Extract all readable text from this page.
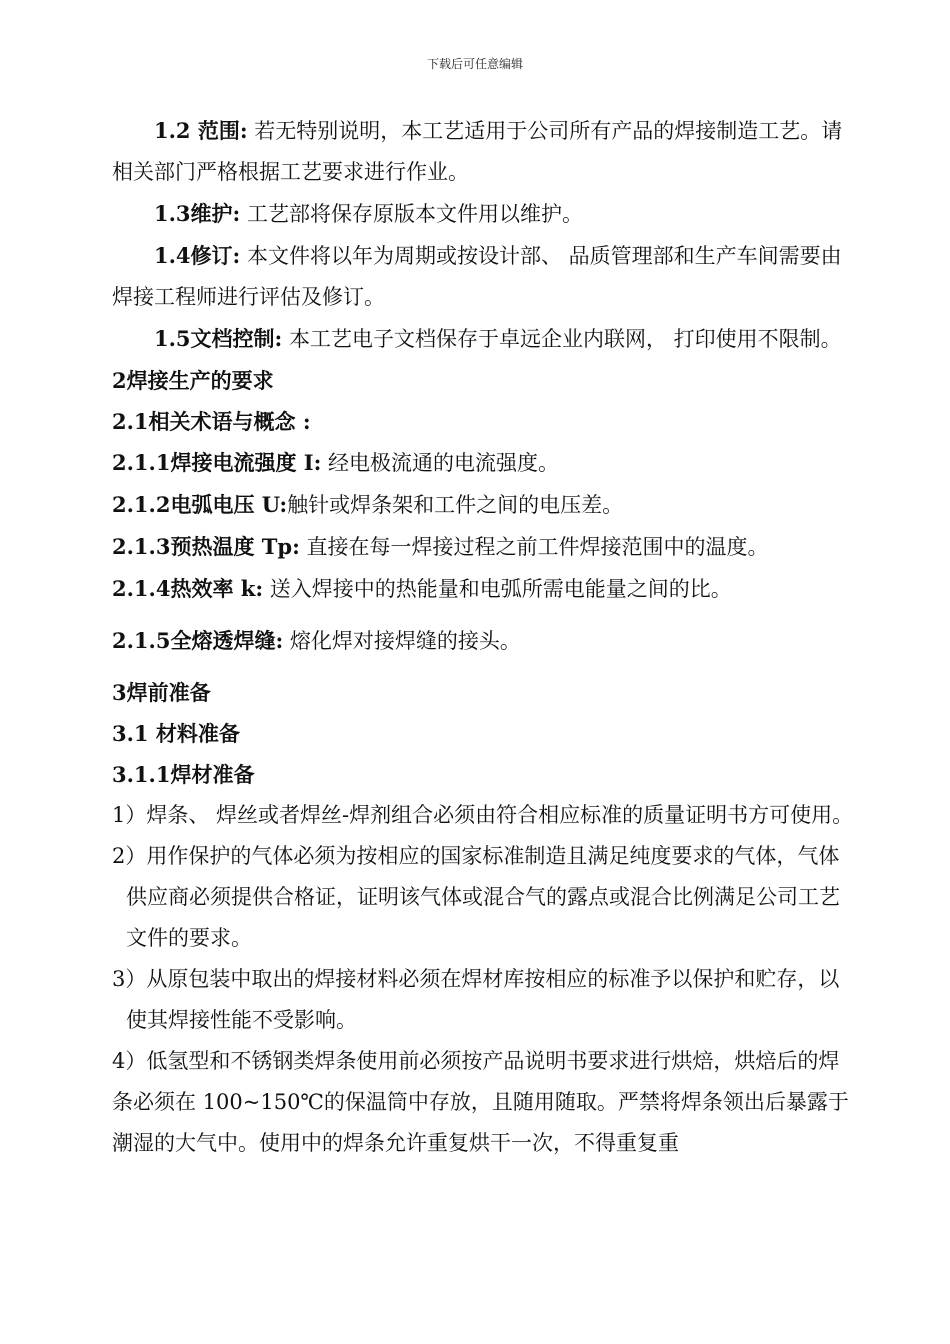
下载后可任意编辑

1.2 范围: 若无特别说明，本工艺适用于公司所有产品的焊接制造工艺。请相关部门严格根据工艺要求进行作业。

1.3维护: 工艺部将保存原版本文件用以维护。

1.4修订: 本文件将以年为周期或按设计部、 品质管理部和生产车间需要由焊接工程师进行评估及修订。

1.5文档控制: 本工艺电子文档保存于卓远企业内联网， 打印使用不限制。

2焊接生产的要求

2.1相关术语与概念 :

2.1.1焊接电流强度 I: 经电极流通的电流强度。

2.1.2电弧电压 U:触针或焊条架和工件之间的电压差。

2.1.3预热温度 Tp: 直接在每一焊接过程之前工件焊接范围中的温度。

2.1.4热效率 k: 送入焊接中的热能量和电弧所需电能量之间的比。

2.1.5全熔透焊缝: 熔化焊对接焊缝的接头。

3焊前准备

3.1 材料准备

3.1.1焊材准备

1）焊条、 焊丝或者焊丝-焊剂组合必须由符合相应标准的质量证明书方可使用。

2）用作保护的气体必须为按相应的国家标准制造且满足纯度要求的气体，气体供应商必须提供合格证，证明该气体或混合气的露点或混合比例满足公司工艺文件的要求。

3）从原包装中取出的焊接材料必须在焊材库按相应的标准予以保护和贮存，以使其焊接性能不受影响。

4）低氢型和不锈钢类焊条使用前必须按产品说明书要求进行烘焙，烘焙后的焊条必须在 100~150℃的保温筒中存放，且随用随取。严禁将焊条领出后暴露于潮湿的大气中。使用中的焊条允许重复烘干一次，不得重复重
